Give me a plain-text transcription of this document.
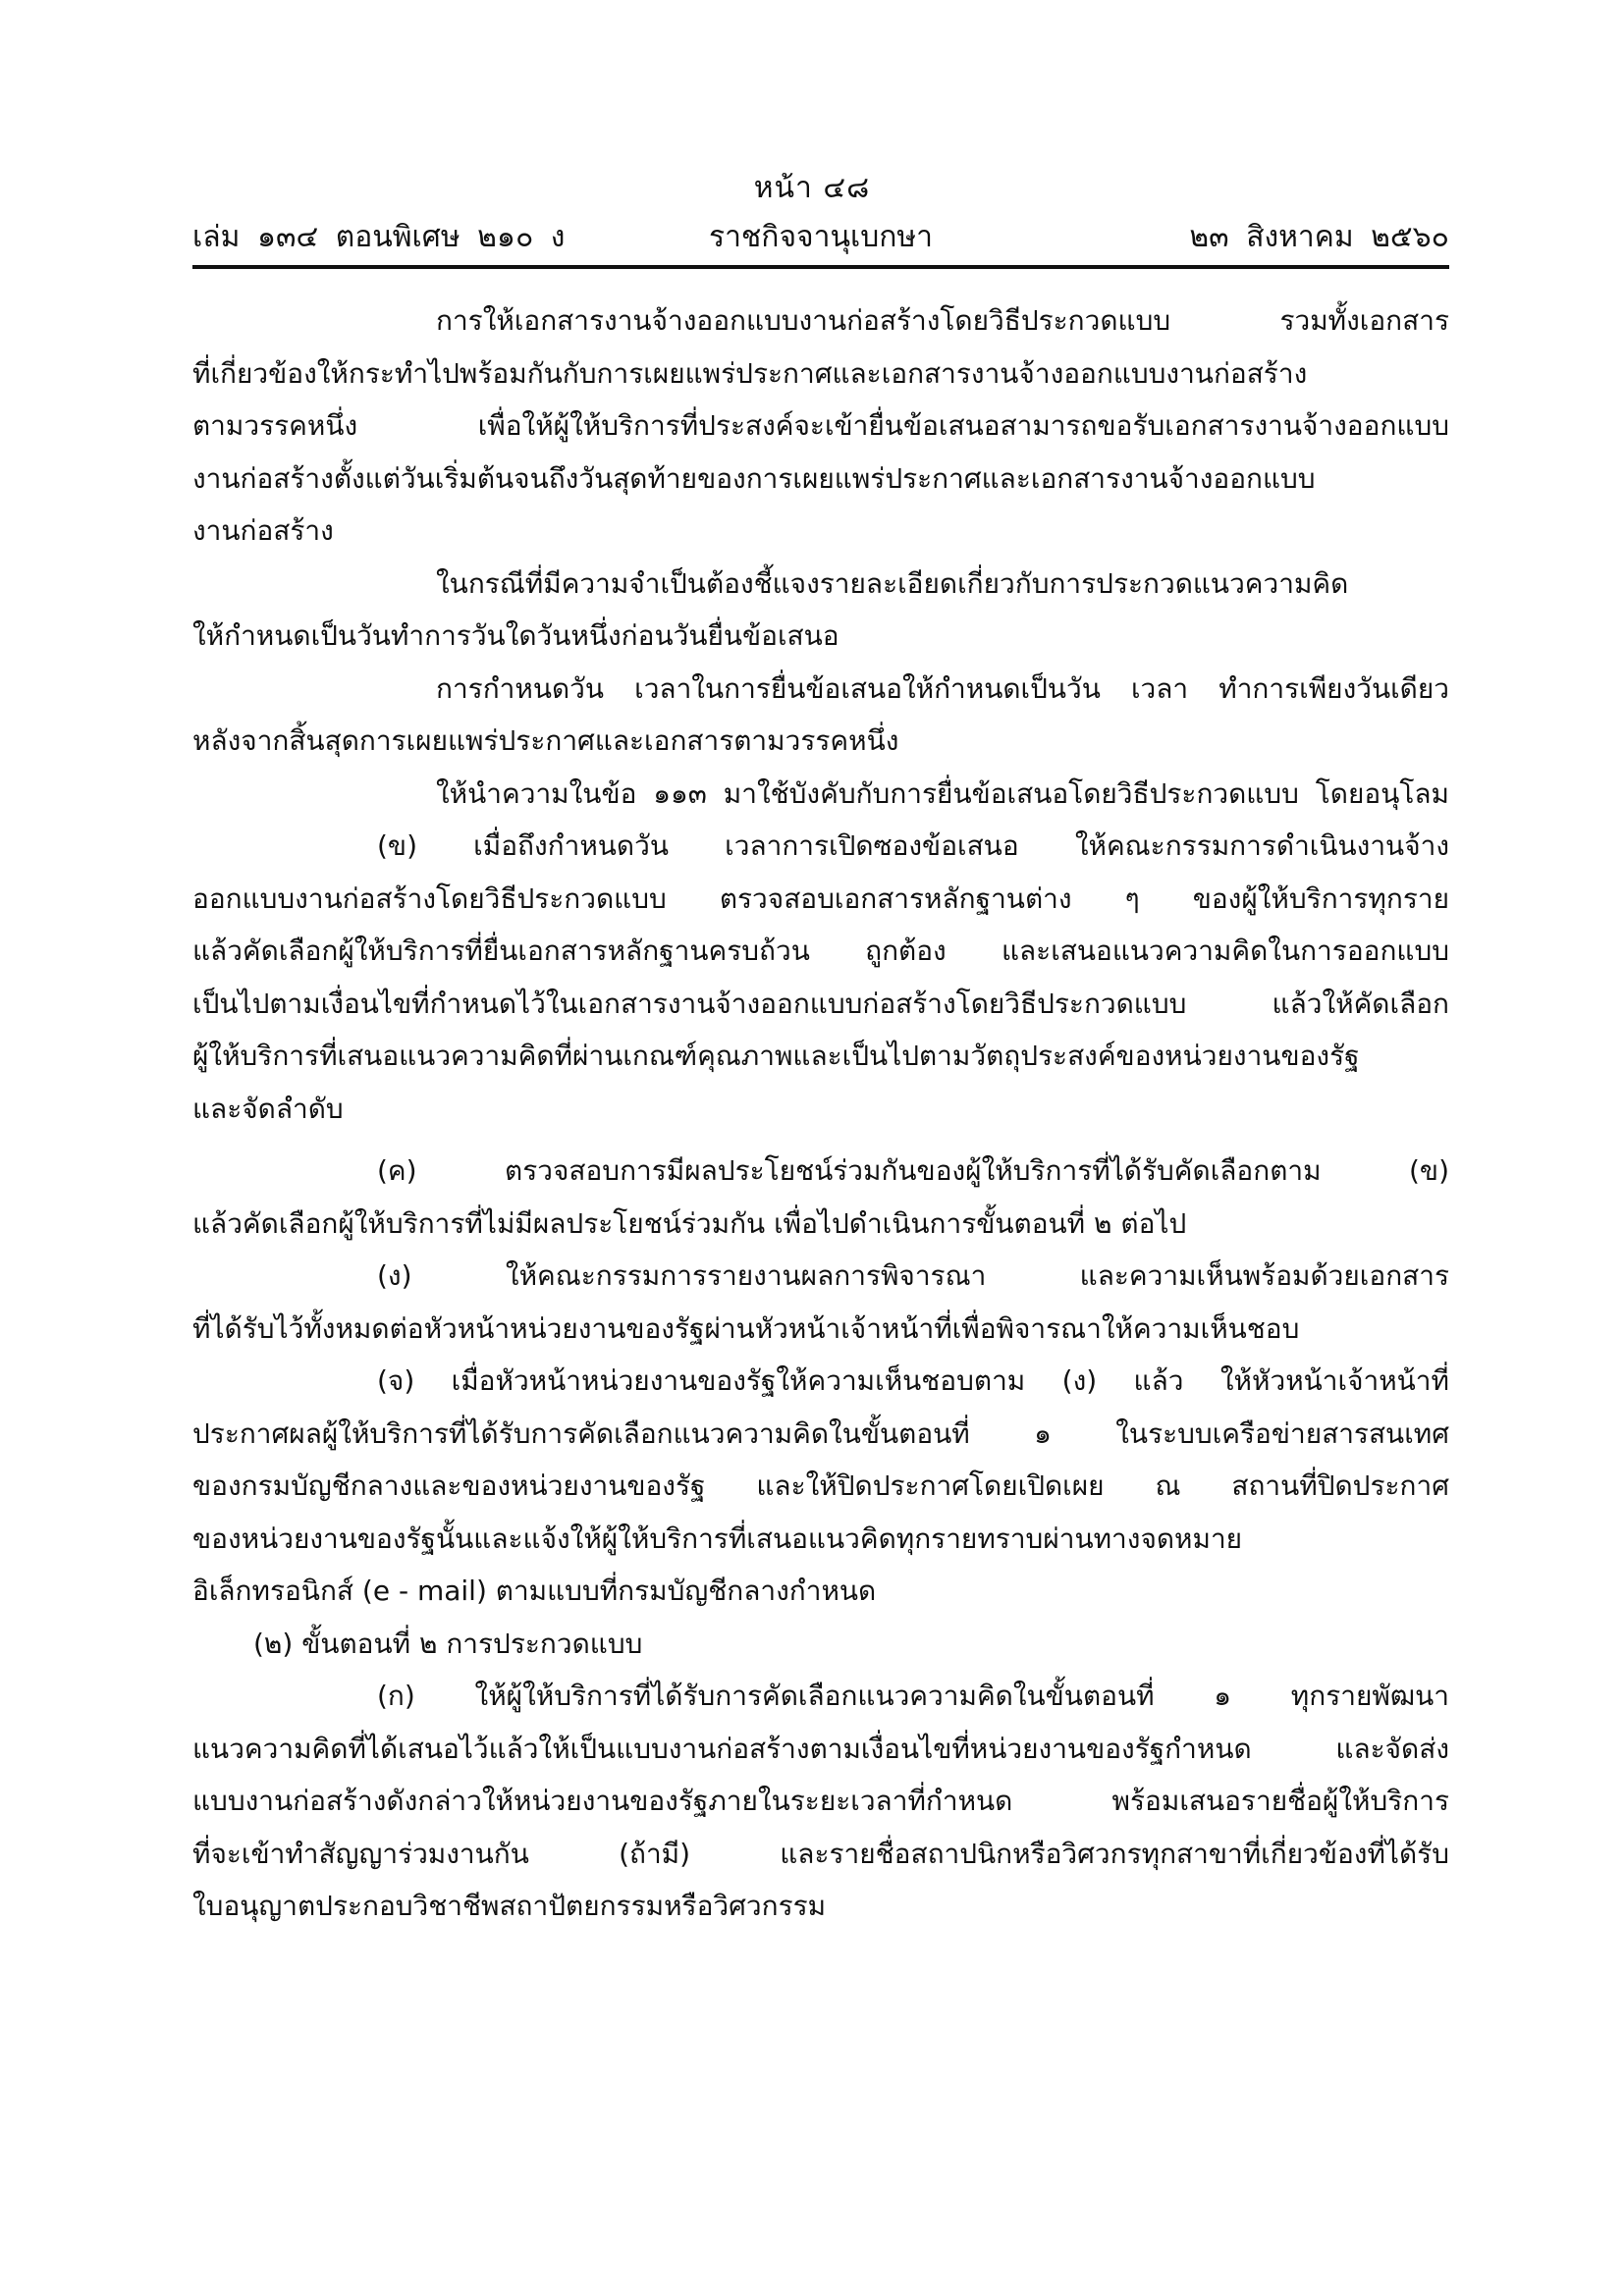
หน้า ๔๘
ราชกิจจานุเบกษา
เล่ม ๑๓๔ ตอนพิเศษ ๒๑๐ ง	๒๓ สิงหาคม ๒๕๖๐
การให้เอกสารงานจ้างออกแบบงานก่อสร้างโดยวิธีประกวดแบบ รวมทั้งเอกสาร
ที่เกี่ยวข้องให้กระทำไปพร้อมกันกับการเผยแพร่ประกาศและเอกสารงานจ้างออกแบบงานก่อสร้าง
ตามวรรคหนึ่ง เพื่อให้ผู้ให้บริการที่ประสงค์จะเข้ายื่นข้อเสนอสามารถขอรับเอกสารงานจ้างออกแบบ
งานก่อสร้างตั้งแต่วันเริ่มต้นจนถึงวันสุดท้ายของการเผยแพร่ประกาศและเอกสารงานจ้างออกแบบ
งานก่อสร้าง
ในกรณีที่มีความจำเป็นต้องชี้แจงรายละเอียดเกี่ยวกับการประกวดแนวความคิด
ให้กำหนดเป็นวันทำการวันใดวันหนึ่งก่อนวันยื่นข้อเสนอ
การกำหนดวัน เวลาในการยื่นข้อเสนอให้กำหนดเป็นวัน เวลา ทำการเพียงวันเดียว
หลังจากสิ้นสุดการเผยแพร่ประกาศและเอกสารตามวรรคหนึ่ง
ให้นำความในข้อ ๑๑๓ มาใช้บังคับกับการยื่นข้อเสนอโดยวิธีประกวดแบบ โดยอนุโลม
(ข) เมื่อถึงกำหนดวัน เวลาการเปิดซองข้อเสนอ ให้คณะกรรมการดำเนินงานจ้าง
ออกแบบงานก่อสร้างโดยวิธีประกวดแบบ ตรวจสอบเอกสารหลักฐานต่าง ๆ ของผู้ให้บริการทุกราย
แล้วคัดเลือกผู้ให้บริการที่ยื่นเอกสารหลักฐานครบถ้วน ถูกต้อง และเสนอแนวความคิดในการออกแบบ
เป็นไปตามเงื่อนไขที่กำหนดไว้ในเอกสารงานจ้างออกแบบก่อสร้างโดยวิธีประกวดแบบ แล้วให้คัดเลือก
ผู้ให้บริการที่เสนอแนวความคิดที่ผ่านเกณฑ์คุณภาพและเป็นไปตามวัตถุประสงค์ของหน่วยงานของรัฐ
และจัดลำดับ
(ค) ตรวจสอบการมีผลประโยชน์ร่วมกันของผู้ให้บริการที่ได้รับคัดเลือกตาม (ข)
แล้วคัดเลือกผู้ให้บริการที่ไม่มีผลประโยชน์ร่วมกัน เพื่อไปดำเนินการขั้นตอนที่ ๒ ต่อไป
(ง) ให้คณะกรรมการรายงานผลการพิจารณา และความเห็นพร้อมด้วยเอกสาร
ที่ได้รับไว้ทั้งหมดต่อหัวหน้าหน่วยงานของรัฐผ่านหัวหน้าเจ้าหน้าที่เพื่อพิจารณาให้ความเห็นชอบ
(จ) เมื่อหัวหน้าหน่วยงานของรัฐให้ความเห็นชอบตาม (ง) แล้ว ให้หัวหน้าเจ้าหน้าที่
ประกาศผลผู้ให้บริการที่ได้รับการคัดเลือกแนวความคิดในขั้นตอนที่ ๑ ในระบบเครือข่ายสารสนเทศ
ของกรมบัญชีกลางและของหน่วยงานของรัฐ และให้ปิดประกาศโดยเปิดเผย ณ สถานที่ปิดประกาศ
ของหน่วยงานของรัฐนั้นและแจ้งให้ผู้ให้บริการที่เสนอแนวคิดทุกรายทราบผ่านทางจดหมาย
อิเล็กทรอนิกส์ (e - mail) ตามแบบที่กรมบัญชีกลางกำหนด
(๒) ขั้นตอนที่ ๒ การประกวดแบบ
(ก) ให้ผู้ให้บริการที่ได้รับการคัดเลือกแนวความคิดในขั้นตอนที่ ๑ ทุกรายพัฒนา
แนวความคิดที่ได้เสนอไว้แล้วให้เป็นแบบงานก่อสร้างตามเงื่อนไขที่หน่วยงานของรัฐกำหนด และจัดส่ง
แบบงานก่อสร้างดังกล่าวให้หน่วยงานของรัฐภายในระยะเวลาที่กำหนด พร้อมเสนอรายชื่อผู้ให้บริการ
ที่จะเข้าทำสัญญาร่วมงานกัน (ถ้ามี) และรายชื่อสถาปนิกหรือวิศวกรทุกสาขาที่เกี่ยวข้องที่ได้รับ
ใบอนุญาตประกอบวิชาชีพสถาปัตยกรรมหรือวิศวกรรม
